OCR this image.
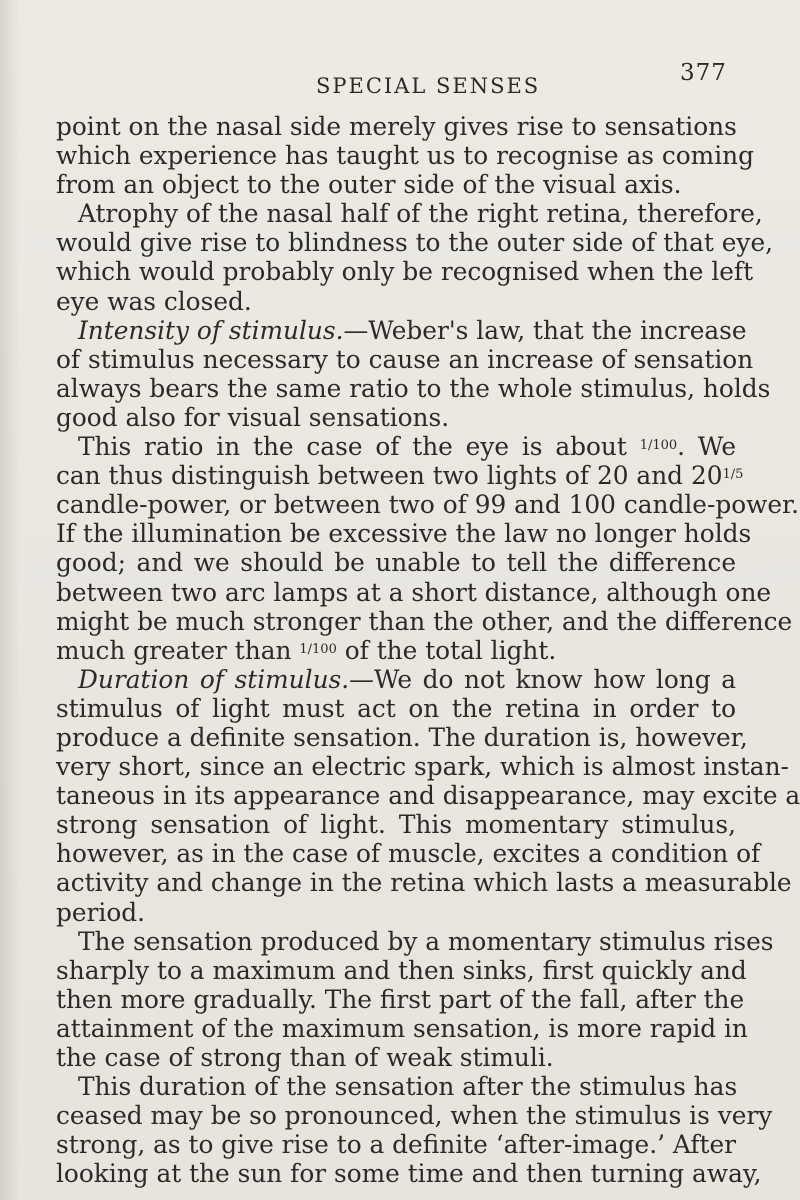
SPECIAL SENSES	377
point on the nasal side merely gives rise to sensations
which experience has taught us to recognise as coming
from an object to the outer side of the visual axis.
Atrophy of the nasal half of the right retina, therefore,
would give rise to blindness to the outer side of that eye,
which would probably only be recognised when the left
eye was closed.
Intensity of stimulus.—Weber's law, that the increase
of stimulus necessary to cause an increase of sensation
always bears the same ratio to the whole stimulus, holds
good also for visual sensations.
This ratio in the case of the eye is about $^{1/100}$. We
can thus distinguish between two lights of 20 and $20^{1/5}$
candle-power, or between two of 99 and 100 candle-power.
If the illumination be excessive the law no longer holds
good; and we should be unable to tell the difference
between two arc lamps at a short distance, although one
might be much stronger than the other, and the difference
much greater than $^{1/100}$ of the total light.
Duration of stimulus.—We do not know how long a
stimulus of light must act on the retina in order to
produce a definite sensation. The duration is, however,
very short, since an electric spark, which is almost instan-
taneous in its appearance and disappearance, may excite a
strong sensation of light. This momentary stimulus,
however, as in the case of muscle, excites a condition of
activity and change in the retina which lasts a measurable
period.
The sensation produced by a momentary stimulus rises
sharply to a maximum and then sinks, first quickly and
then more gradually. The first part of the fall, after the
attainment of the maximum sensation, is more rapid in
the case of strong than of weak stimuli.
This duration of the sensation after the stimulus has
ceased may be so pronounced, when the stimulus is very
strong, as to give rise to a definite ‘after-image.’ After
looking at the sun for some time and then turning away,
